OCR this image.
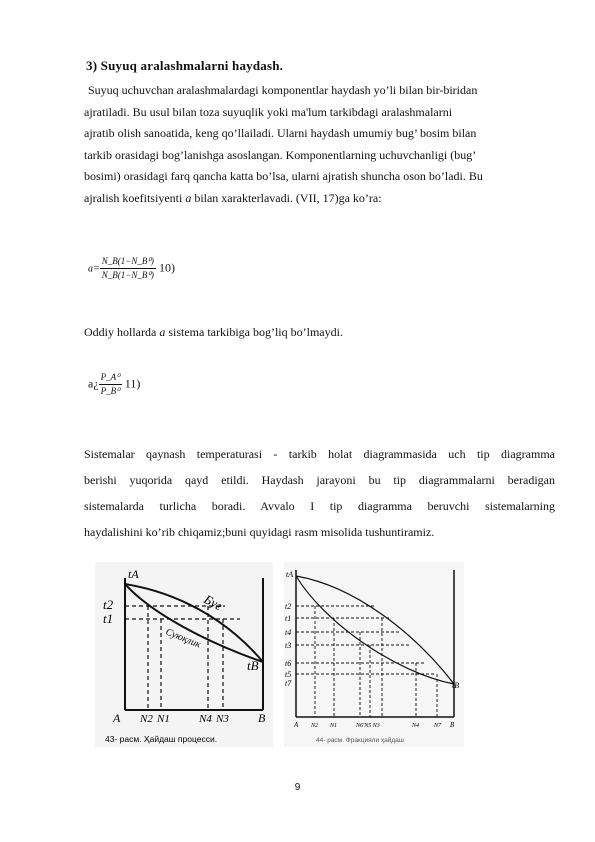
3) Suyuq aralashmalarni haydash.
Suyuq uchuvchan aralashmalardagi komponentlar haydash yo’li bilan bir-biridan
ajratiladi. Bu usul bilan toza suyuqlik yoki ma'lum tarkibdagi aralashmalarni
ajratib olish sanoatida, keng qo’llailadi. Ularni haydash umumiy bug’ bosim bilan
tarkib orasidagi bog’lanishga asoslangan. Komponentlarning uchuvchanligi (bug’
bosimi) orasidagi farq qancha katta bo’lsa, ularni ajratish shuncha oson bo’ladi. Bu
ajralish koefitsiyenti a bilan xarakterlavadi. (VII, 17)ga ko’ra:
$a= \frac{\text{N\_B(1−N\_B⁰)}}{\text{N\_B(1−N\_B⁰)}} 10$)
Oddiy hollarda a sistema tarkibiga bog’liq bo’lmaydi.
a¿ $\frac{\text{P\_A⁰}}{\text{P\_B⁰}} 11$)
Sistemalar qaynash temperaturasi - tarkib holat diagrammasida uch tip diagramma
berishi yuqorida qayd etildi. Haydash jarayoni bu tip diagrammalarni beradigan
sistemalarda turlicha boradi. Avvalo I tip diagramma beruvchi sistemalarning
haydalishini ko’rib chiqamiz;buni quyidagi rasm misolida tushuntiramiz.
tA
t2
t1
tB
Буғ
Суюқлик
A N2 N1	N4 N3 B
43- расм. Ҳайдаш процесси.
tA
t2
t1
t4
t3
t6
t5
t7	tB
A N2 N1	N6'N5 N3	N4 N7 B
44- расм. Фракцияли ҳайдаш
9
